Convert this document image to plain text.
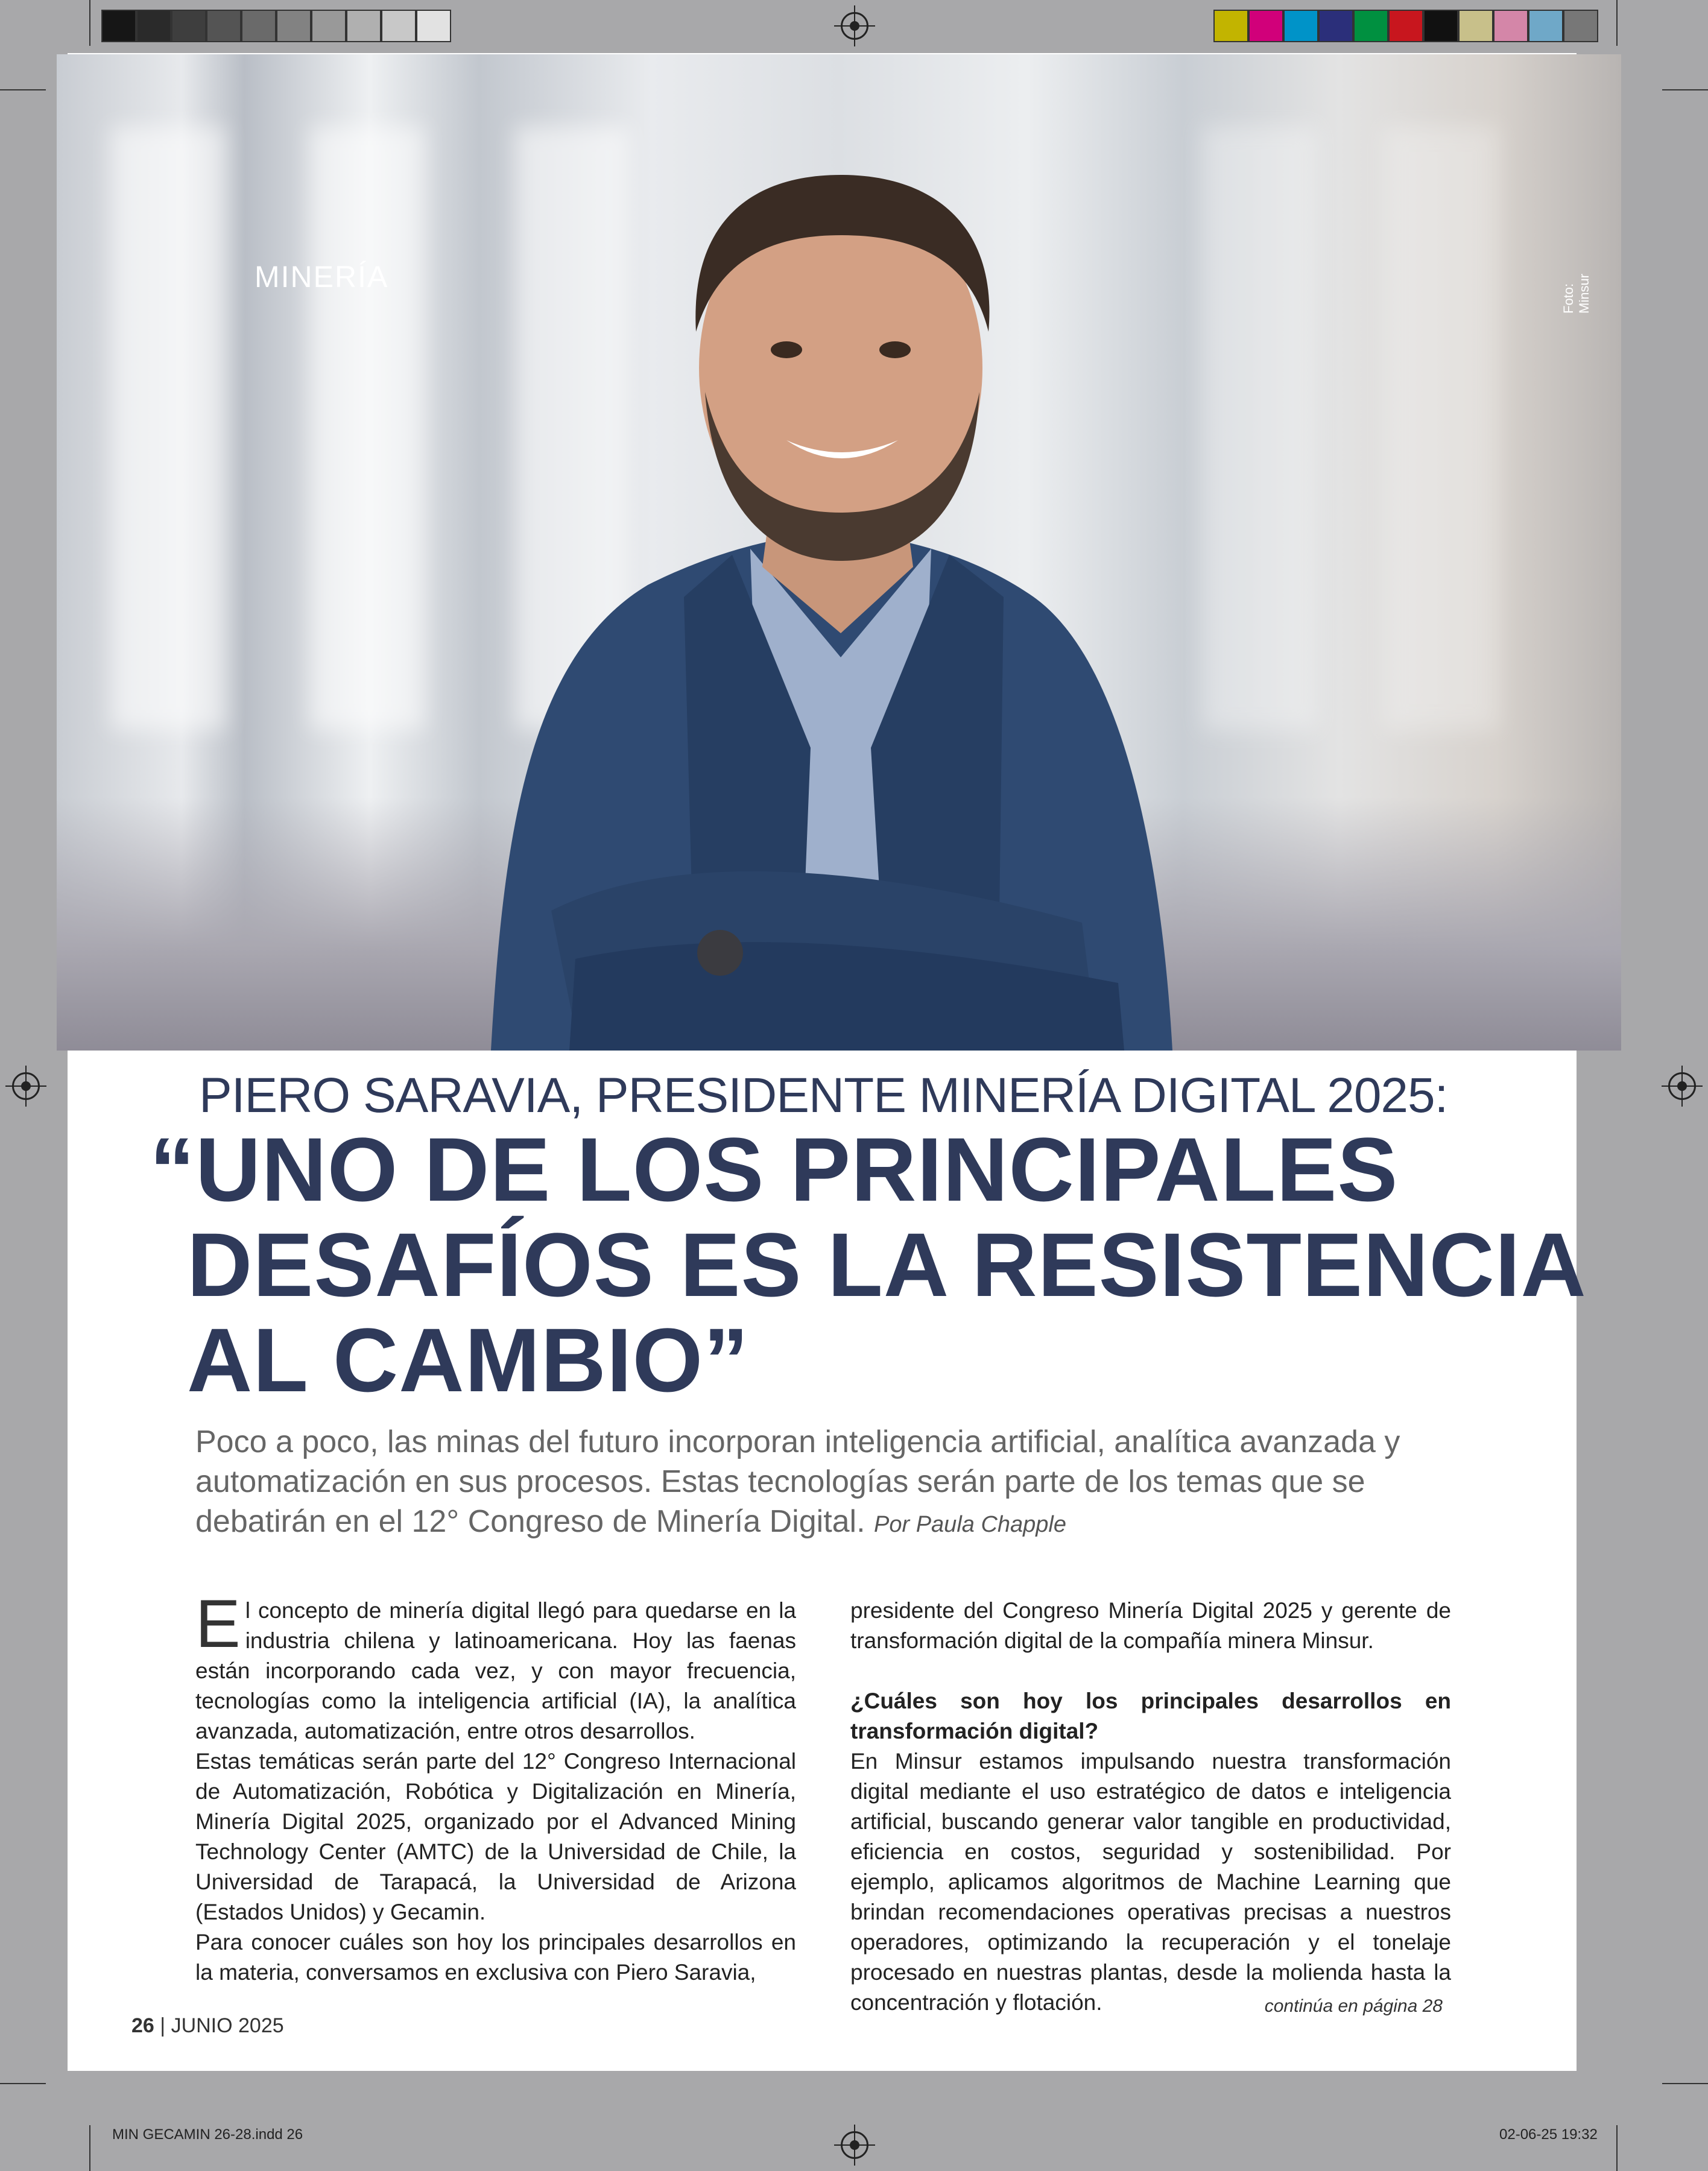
MINERÍA
Foto: Minsur
PIERO SARAVIA, PRESIDENTE MINERÍA DIGITAL 2025:
“UNO DE LOS PRINCIPALES
DESAFÍOS ES LA RESISTENCIA
AL CAMBIO”
Poco a poco, las minas del futuro incorporan inteligencia artificial, analítica avanzada y automatización en sus procesos. Estas tecnologías serán parte de los temas que se debatirán en el 12° Congreso de Minería Digital. Por Paula Chapple

El concepto de minería digital llegó para quedarse en la industria chilena y latinoamericana. Hoy las faenas están incorporando cada vez, y con mayor frecuencia, tecnologías como la inteligencia artificial (IA), la analítica avanzada, automatización, entre otros desarrollos.

Estas temáticas serán parte del 12° Congreso Internacional de Automatización, Robótica y Digitalización en Minería, Minería Digital 2025, organizado por el Advanced Mining Technology Center (AMTC) de la Universidad de Chile, la Universidad de Tarapacá, la Universidad de Arizona (Estados Unidos) y Gecamin.

Para conocer cuáles son hoy los principales desarrollos en la materia, conversamos en exclusiva con Piero Saravia,

presidente del Congreso Minería Digital 2025 y gerente de transformación digital de la compañía minera Minsur.

¿Cuáles son hoy los principales desarrollos en transformación digital?

En Minsur estamos impulsando nuestra transformación digital mediante el uso estratégico de datos e inteligencia artificial, buscando generar valor tangible en productividad, eficiencia en costos, seguridad y sostenibilidad. Por ejemplo, aplicamos algoritmos de Machine Learning que brindan recomendaciones operativas precisas a nuestros operadores, optimizando la recuperación y el tonelaje procesado en nuestras plantas, desde la molienda hasta la concentración y flotación.	continúa en página 28
26 | JUNIO 2025
MIN GECAMIN 26-28.indd 26	02-06-25 19:32
